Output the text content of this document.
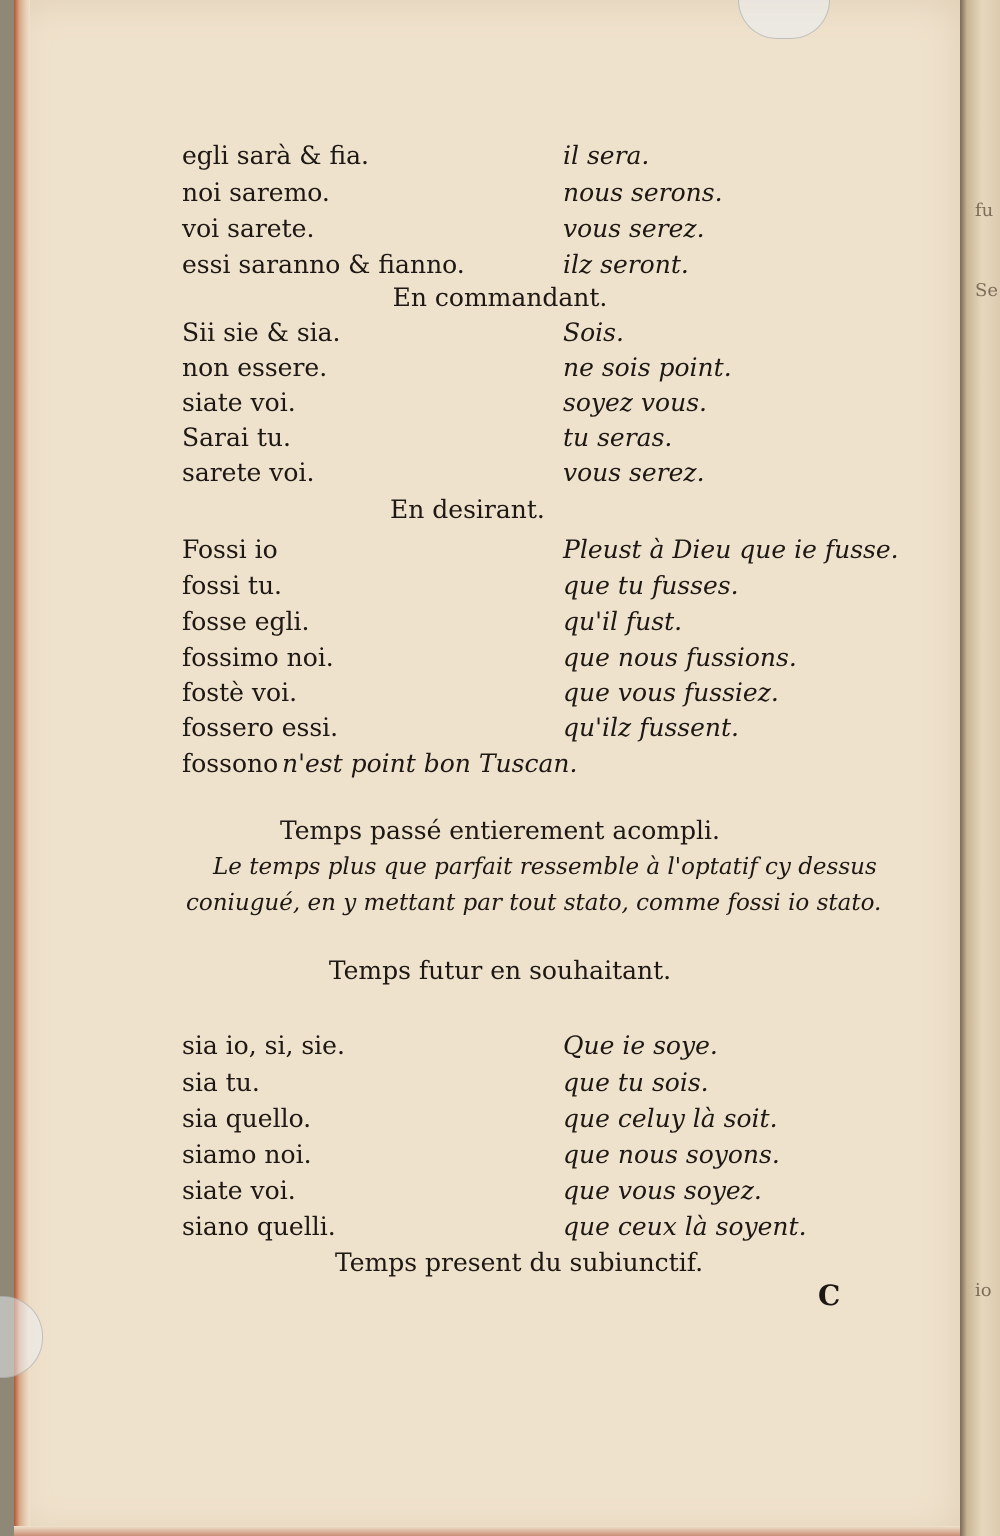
fu
Se
io
egli sarà & fia.	il sera.
noi saremo.	nous serons.
voi sarete.	vous serez.
essi saranno & fianno.	ilz seront.
En commandant.
Sii sie & sia.	Sois.
non essere.	ne sois point.
siate voi.	soyez vous.
Sarai tu.	tu seras.
sarete voi.	vous serez.
En desirant.
Fossi io	Pleust à Dieu que ie fusse.
fossi tu.	que tu fusses.
fosse egli.	qu'il fust.
fossimo noi.	que nous fussions.
fostè voi.	que vous fussiez.
fossero essi.	qu'ilz fussent.
fossono n'est point bon Tuscan.
Temps passé entierement acompli.
Le temps plus que parfait ressemble à l'optatif cy dessus
coniugué, en y mettant par tout stato, comme fossi io stato.
Temps futur en souhaitant.
sia io, si, sie.	Que ie soye.
sia tu.	que tu sois.
sia quello.	que celuy là soit.
siamo noi.	que nous soyons.
siate voi.	que vous soyez.
siano quelli.	que ceux là soyent.
Temps present du subiunctif.
C
